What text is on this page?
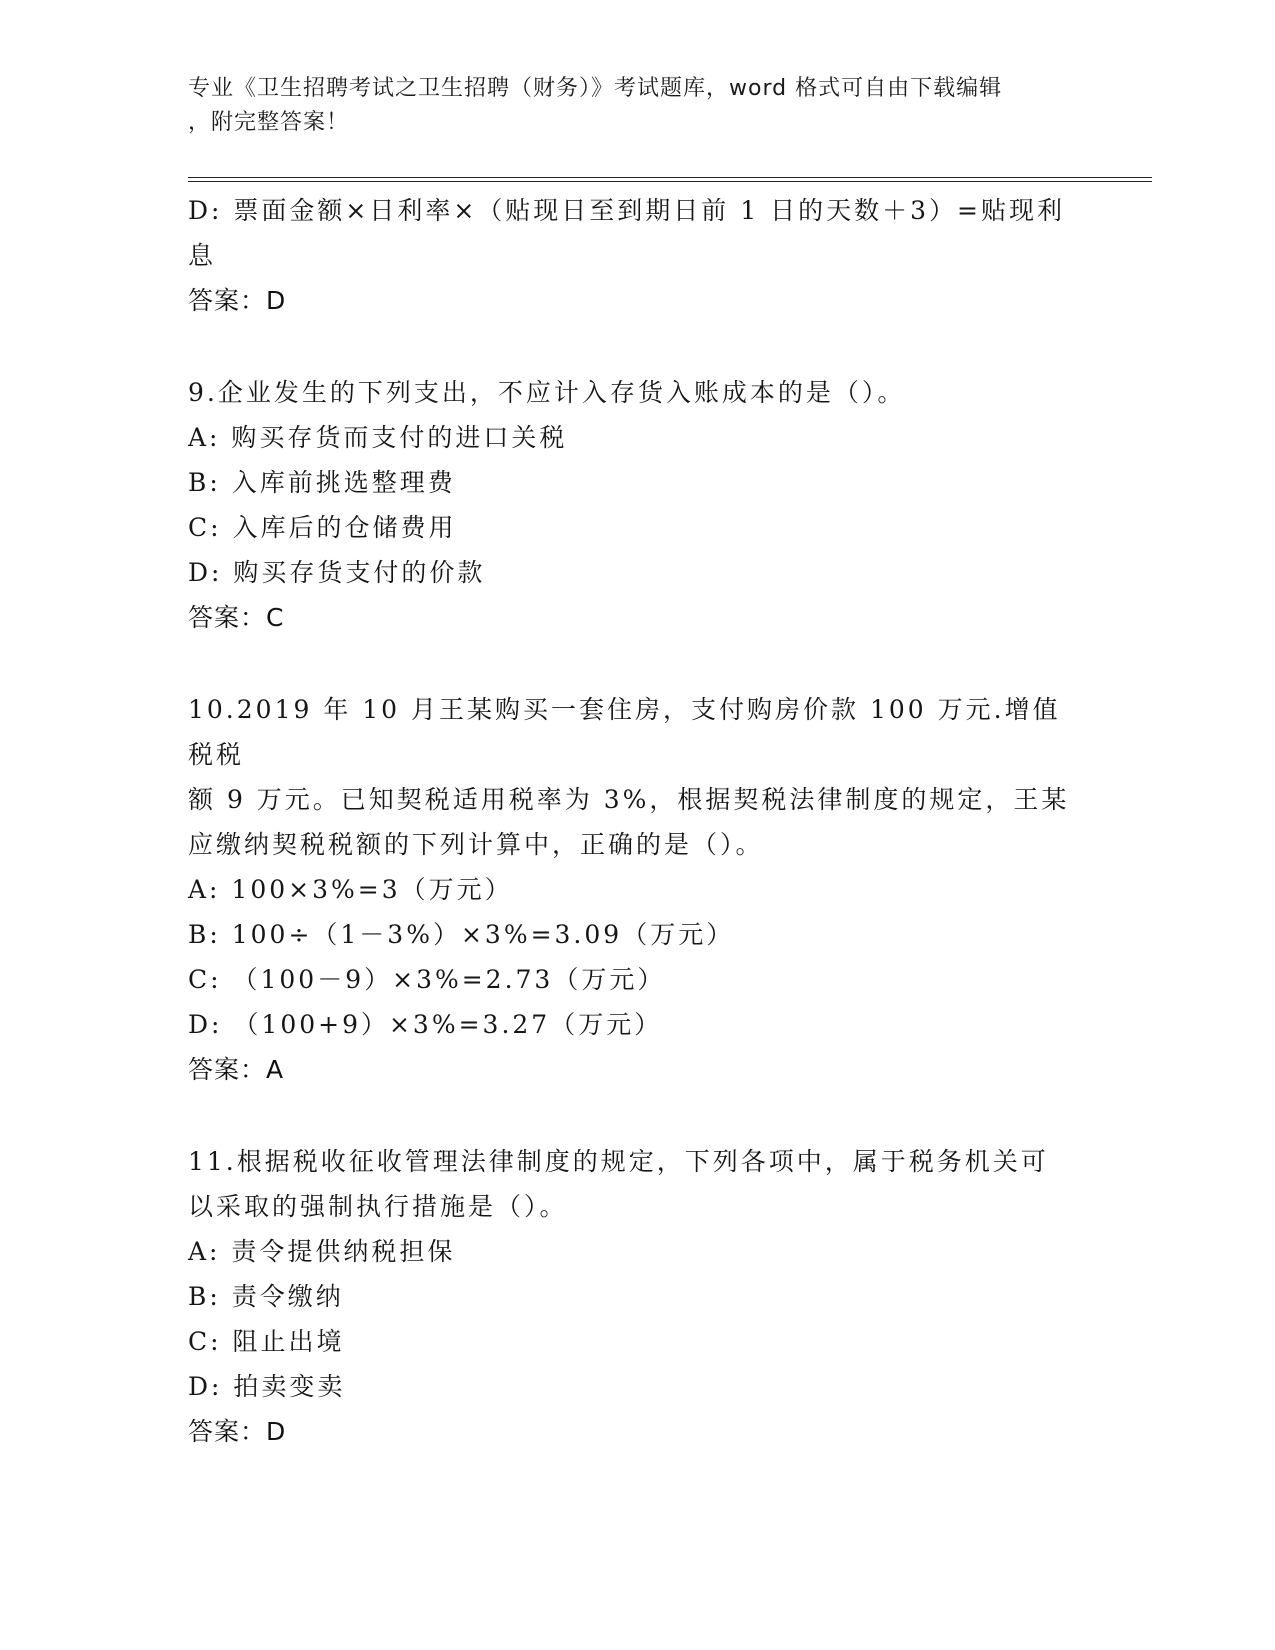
专业《卫生招聘考试之卫生招聘（财务）》考试题库，word 格式可自由下载编辑
，附完整答案！
D: 票面金额×日利率×（贴现日至到期日前 1 日的天数＋3）=贴现利
息
答案：D
9.企业发生的下列支出，不应计入存货入账成本的是（）。
A: 购买存货而支付的进口关税
B: 入库前挑选整理费
C: 入库后的仓储费用
D: 购买存货支付的价款
答案：C
10.2019 年 10 月王某购买一套住房，支付购房价款 100 万元.增值税税
额 9 万元。已知契税适用税率为 3%，根据契税法律制度的规定，王某
应缴纳契税税额的下列计算中，正确的是（）。
A: 100×3%=3（万元）
B: 100÷（1－3%）×3%=3.09（万元）
C: （100－9）×3%=2.73（万元）
D: （100+9）×3%=3.27（万元）
答案：A
11.根据税收征收管理法律制度的规定，下列各项中，属于税务机关可
以采取的强制执行措施是（）。
A: 责令提供纳税担保
B: 责令缴纳
C: 阻止出境
D: 拍卖变卖
答案：D
